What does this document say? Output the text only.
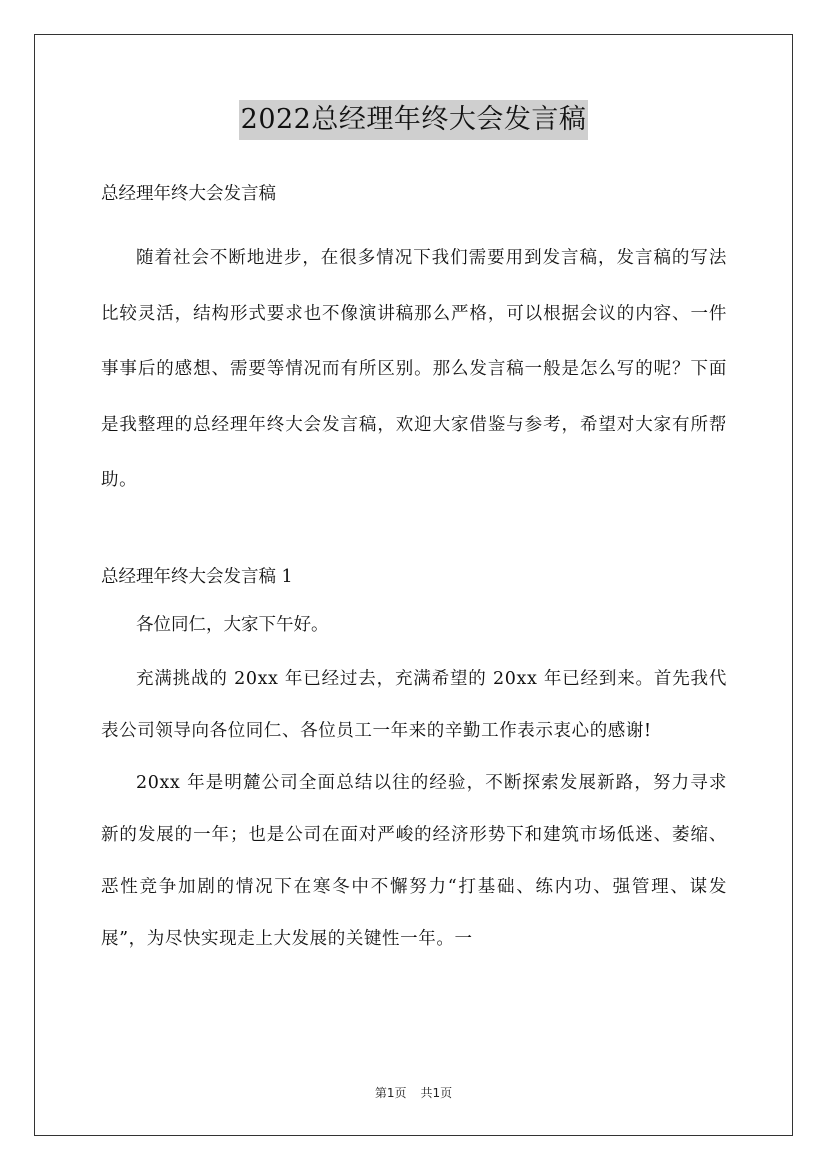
2022总经理年终大会发言稿

总经理年终大会发言稿

随着社会不断地进步，在很多情况下我们需要用到发言稿，发言稿的写法比较灵活，结构形式要求也不像演讲稿那么严格，可以根据会议的内容、一件事事后的感想、需要等情况而有所区别。那么发言稿一般是怎么写的呢？下面是我整理的总经理年终大会发言稿，欢迎大家借鉴与参考，希望对大家有所帮助。

总经理年终大会发言稿 1

各位同仁，大家下午好。

充满挑战的 20xx 年已经过去，充满希望的 20xx 年已经到来。首先我代表公司领导向各位同仁、各位员工一年来的辛勤工作表示衷心的感谢!

20xx 年是明麓公司全面总结以往的经验，不断探索发展新路，努力寻求新的发展的一年；也是公司在面对严峻的经济形势下和建筑市场低迷、萎缩、恶性竞争加剧的情况下在寒冬中不懈努力“打基础、练内功、强管理、谋发展”，为尽快实现走上大发展的关键性一年。一

第1页 共1页
